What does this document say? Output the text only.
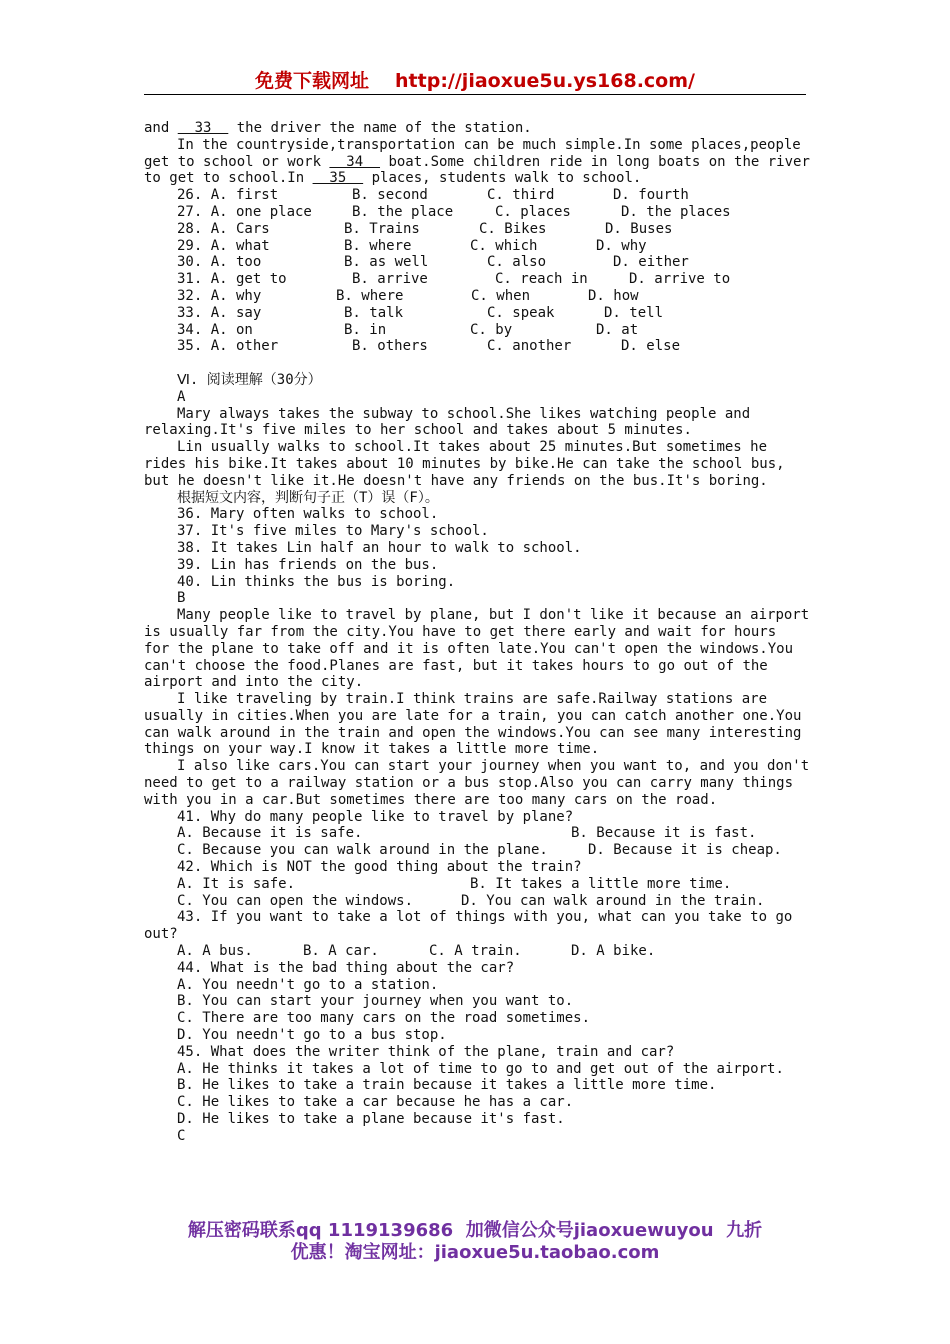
免费下载网址 http://jiaoxue5u.ys168.com/
and   33   the driver the name of the station.
In the countryside,transportation can be much simple.In some places,people
get to school or work   34   boat.Some children ride in long boats on the river
to get to school.In   35   places, students walk to school.
26. A. first	B. second	C. third	D. fourth
27. A. one place	B. the place	C. places	D. the places
28. A. Cars	B. Trains	C. Bikes	D. Buses
29. A. what	B. where	C. which	D. why
30. A. too	B. as well	C. also	D. either
31. A. get to	B. arrive	C. reach in	D. arrive to
32. A. why	B. where	C. when	D. how
33. A. say	B. talk	C. speak	D. tell
34. A. on	B. in	C. by	D. at
35. A. other	B. others	C. another	D. else
Ⅵ. 阅读理解（30分）
A
Mary always takes the subway to school.She likes watching people and
relaxing.It's five miles to her school and takes about 5 minutes.
Lin usually walks to school.It takes about 25 minutes.But sometimes he
rides his bike.It takes about 10 minutes by bike.He can take the school bus,
but he doesn't like it.He doesn't have any friends on the bus.It's boring.
根据短文内容，判断句子正（T）误（F）。
36. Mary often walks to school.
37. It's five miles to Mary's school.
38. It takes Lin half an hour to walk to school.
39. Lin has friends on the bus.
40. Lin thinks the bus is boring.
B
Many people like to travel by plane, but I don't like it because an airport
is usually far from the city.You have to get there early and wait for hours
for the plane to take off and it is often late.You can't open the windows.You
can't choose the food.Planes are fast, but it takes hours to go out of the
airport and into the city.
I like traveling by train.I think trains are safe.Railway stations are
usually in cities.When you are late for a train, you can catch another one.You
can walk around in the train and open the windows.You can see many interesting
things on your way.I know it takes a little more time.
I also like cars.You can start your journey when you want to, and you don't
need to get to a railway station or a bus stop.Also you can carry many things
with you in a car.But sometimes there are too many cars on the road.
41. Why do many people like to travel by plane?
A. Because it is safe.	B. Because it is fast.
C. Because you can walk around in the plane.	D. Because it is cheap.
42. Which is NOT the good thing about the train?
A. It is safe.	B. It takes a little more time.
C. You can open the windows.	D. You can walk around in the train.
43. If you want to take a lot of things with you, what can you take to go
out?
A. A bus.	B. A car.	C. A train.	D. A bike.
44. What is the bad thing about the car?
A. You needn't go to a station.
B. You can start your journey when you want to.
C. There are too many cars on the road sometimes.
D. You needn't go to a bus stop.
45. What does the writer think of the plane, train and car?
A. He thinks it takes a lot of time to go to and get out of the airport.
B. He likes to take a train because it takes a little more time.
C. He likes to take a car because he has a car.
D. He likes to take a plane because it's fast.
C
解压密码联系qq 1119139686 加微信公众号jiaoxuewuyou 九折
优惠！淘宝网址：jiaoxue5u.taobao.com
